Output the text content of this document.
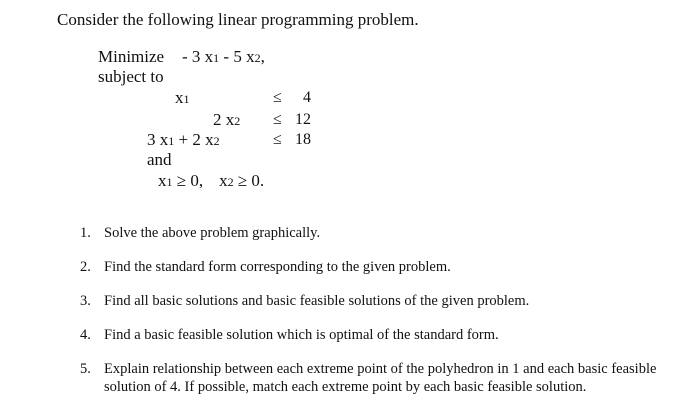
Consider the following linear programming problem.
Minimize - 3 x1 - 5 x2,
subject to
x1	≤ 4
2 x2 ≤ 12
3 x1 + 2 x2	≤ 18
and
x1 ≥ 0, x2 ≥ 0.
1. Solve the above problem graphically.
2. Find the standard form corresponding to the given problem.
3. Find all basic solutions and basic feasible solutions of the given problem.
4. Find a basic feasible solution which is optimal of the standard form.
5. Explain relationship between each extreme point of the polyhedron in 1 and each basic feasible solution of 4. If possible, match each extreme point by each basic feasible solution.
